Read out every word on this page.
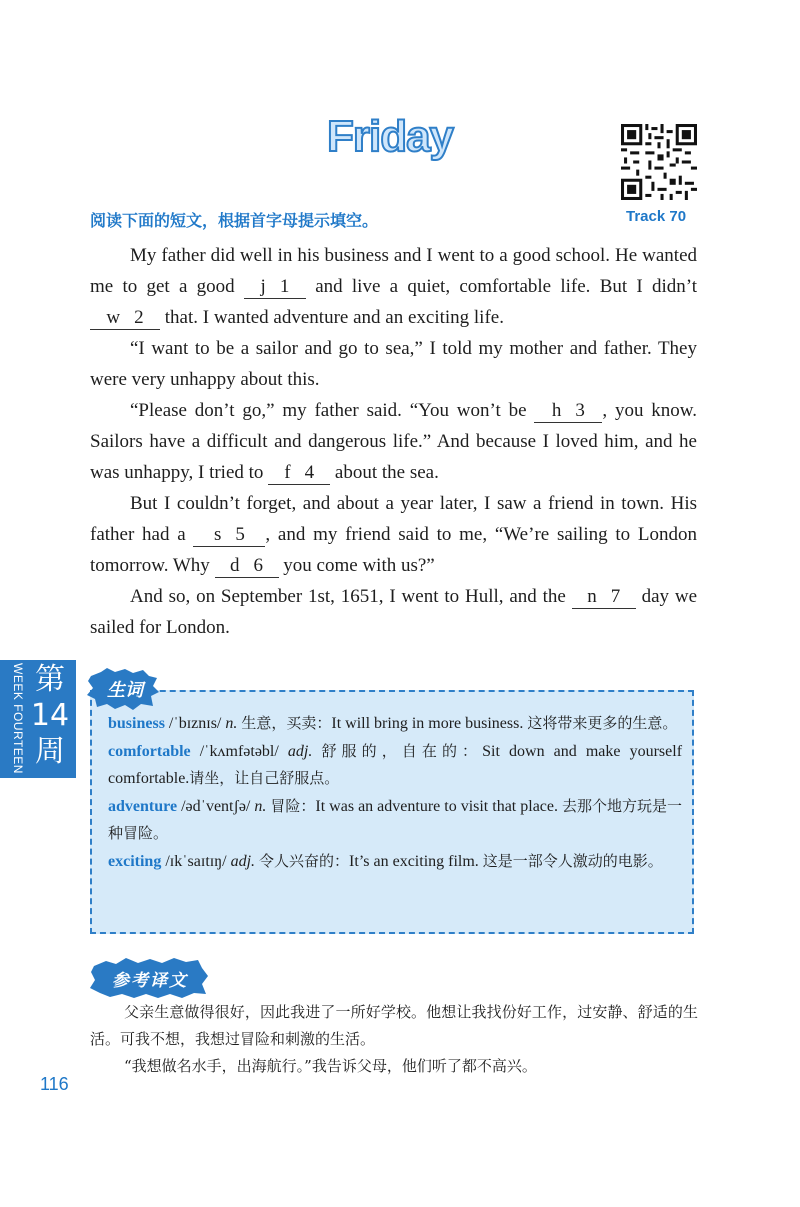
Friday
Track 70
阅读下面的短文，根据首字母提示填空。

My father did well in his business and I went to a good school. He wanted me to get a good j 1 and live a quiet, comfortable life. But I didn’t w 2 that. I wanted adventure and an exciting life.

“I want to be a sailor and go to sea,” I told my mother and father. They were very unhappy about this.

“Please don’t go,” my father said. “You won’t be h 3 , you know. Sailors have a difficult and dangerous life.” And because I loved him, and he was unhappy, I tried to f 4 about the sea.

But I couldn’t forget, and about a year later, I saw a friend in town. His father had a s 5 , and my friend said to me, “We’re sailing to London tomorrow. Why d 6 you come with us?”

And so, on September 1st, 1651, I went to Hull, and the n 7 day we sailed for London.

WEEK FOURTEEN 第14周
生词

business /ˈbɪznɪs/ n. 生意，买卖：It will bring in more business. 这将带来更多的生意。

comfortable /ˈkʌmfətəbl/ adj. 舒服的，自在的：Sit down and make yourself comfortable.请坐，让自己舒服点。

adventure /ədˈventʃə/ n. 冒险：It was an adventure to visit that place. 去那个地方玩是一种冒险。

exciting /ɪkˈsaɪtɪŋ/ adj. 令人兴奋的：It’s an exciting film. 这是一部令人激动的电影。

参考译文

父亲生意做得很好，因此我进了一所好学校。他想让我找份好工作，过安静、舒适的生活。可我不想，我想过冒险和刺激的生活。

“我想做名水手，出海航行。”我告诉父母，他们听了都不高兴。

116
